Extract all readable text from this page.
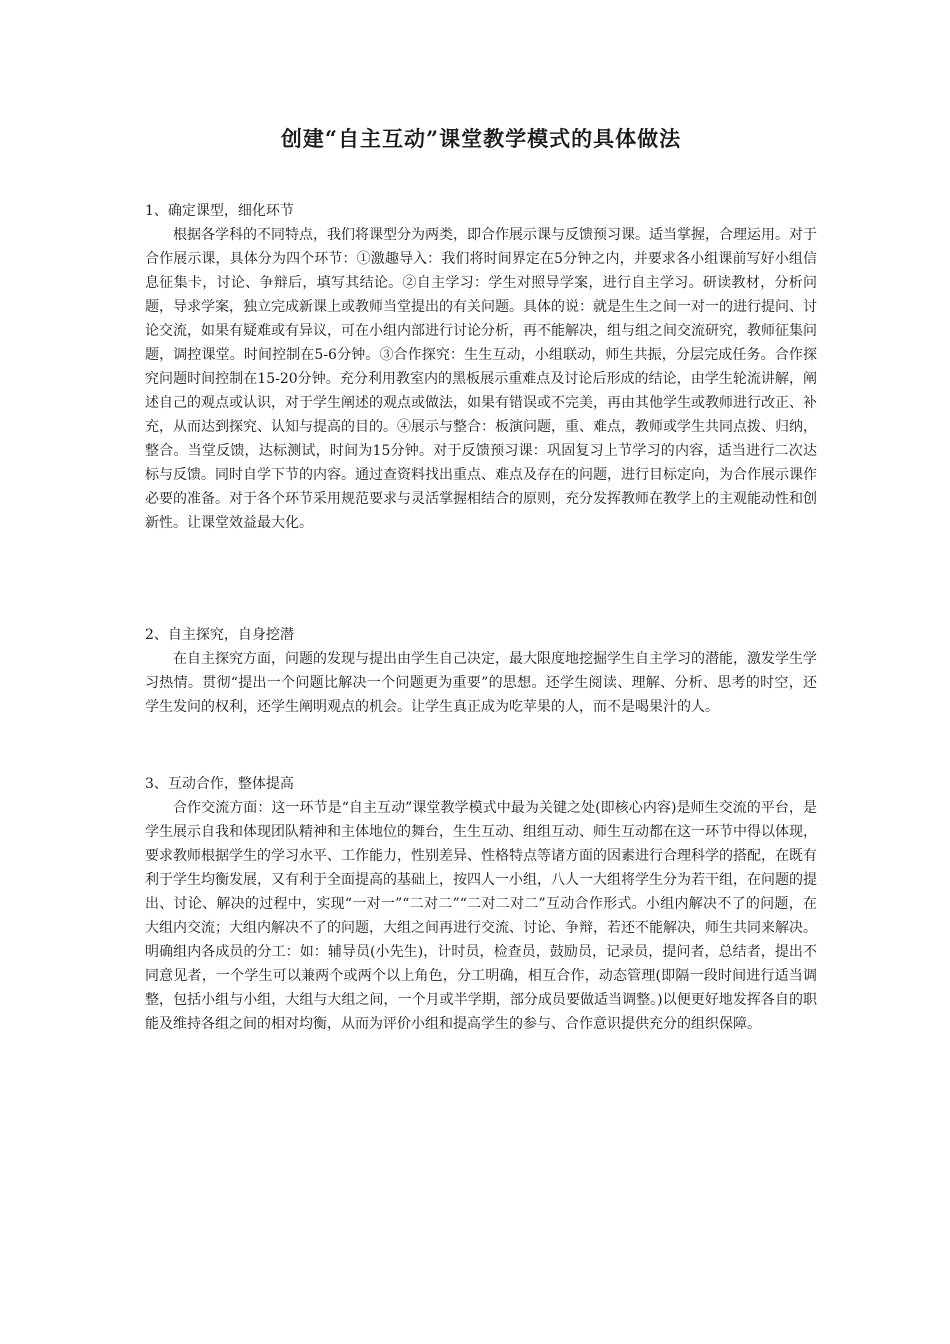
创建“自主互动”课堂教学模式的具体做法

1、确定课型，细化环节

根据各学科的不同特点，我们将课型分为两类，即合作展示课与反馈预习课。适当掌握，合理运用。对于合作展示课，具体分为四个环节：①激趣导入：我们将时间界定在5分钟之内，并要求各小组课前写好小组信息征集卡，讨论、争辩后，填写其结论。②自主学习：学生对照导学案，进行自主学习。研读教材，分析问题，导求学案，独立完成新课上或教师当堂提出的有关问题。具体的说：就是生生之间一对一的进行提问、讨论交流，如果有疑难或有异议，可在小组内部进行讨论分析，再不能解决，组与组之间交流研究，教师征集问题，调控课堂。时间控制在5-6分钟。③合作探究：生生互动，小组联动，师生共振，分层完成任务。合作探究问题时间控制在15-20分钟。充分利用教室内的黑板展示重难点及讨论后形成的结论，由学生轮流讲解，阐述自己的观点或认识，对于学生阐述的观点或做法，如果有错误或不完美，再由其他学生或教师进行改正、补充，从而达到探究、认知与提高的目的。④展示与整合：板演问题，重、难点，教师或学生共同点拨、归纳，整合。当堂反馈，达标测试，时间为15分钟。对于反馈预习课：巩固复习上节学习的内容，适当进行二次达标与反馈。同时自学下节的内容。通过查资料找出重点、难点及存在的问题，进行目标定向，为合作展示课作必要的准备。对于各个环节采用规范要求与灵活掌握相结合的原则，充分发挥教师在教学上的主观能动性和创新性。让课堂效益最大化。

2、自主探究，自身挖潜

在自主探究方面，问题的发现与提出由学生自己决定，最大限度地挖掘学生自主学习的潜能，激发学生学习热情。贯彻“提出一个问题比解决一个问题更为重要”的思想。还学生阅读、理解、分析、思考的时空，还学生发问的权利，还学生阐明观点的机会。让学生真正成为吃苹果的人，而不是喝果汁的人。

3、互动合作，整体提高

合作交流方面：这一环节是“自主互动”课堂教学模式中最为关键之处(即核心内容)是师生交流的平台，是学生展示自我和体现团队精神和主体地位的舞台，生生互动、组组互动、师生互动都在这一环节中得以体现，要求教师根据学生的学习水平、工作能力，性别差异、性格特点等诸方面的因素进行合理科学的搭配，在既有利于学生均衡发展，又有利于全面提高的基础上，按四人一小组，八人一大组将学生分为若干组，在问题的提出、讨论、解决的过程中，实现“一对一”“二对二”“二对二对二”互动合作形式。小组内解决不了的问题，在大组内交流；大组内解决不了的问题，大组之间再进行交流、讨论、争辩，若还不能解决，师生共同来解决。明确组内各成员的分工：如：辅导员(小先生)，计时员，检查员，鼓励员，记录员，提问者，总结者，提出不同意见者，一个学生可以兼两个或两个以上角色，分工明确，相互合作，动态管理(即隔一段时间进行适当调整，包括小组与小组，大组与大组之间，一个月或半学期，部分成员要做适当调整。)以便更好地发挥各自的职能及维持各组之间的相对均衡，从而为评价小组和提高学生的参与、合作意识提供充分的组织保障。
